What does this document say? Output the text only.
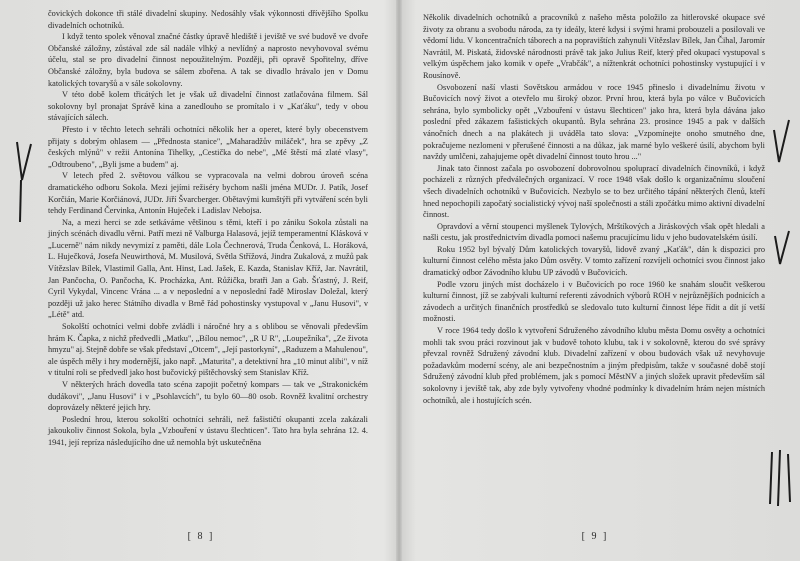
čovických dokonce tři stálé divadelní skupiny. Nedosáhly však výkonnosti dřívějšího Spolku divadelních ochotníků.

I když tento spolek věnoval značné částky úpravě hlediště i jeviště ve své budově ve dvoře Občanské záložny, zůstával zde sál nadále vlhký a nevlídný a naprosto nevyhovoval svému účelu, stal se pro divadelní činnost nepoužitelným. Později, při opravě Spořitelny, dříve Občanské záložny, byla budova se sálem zbořena. A tak se divadlo hrávalo jen v Domu katolických tovaryšů a v sále sokolovny.

V této době kolem třicátých let je však už divadelní činnost zatlačována filmem. Sál sokolovny byl pronajat Správě kina a zanedlouho se promítalo i v „Kaťáku", tedy v obou stávajících sálech.

Přesto i v těchto letech sehráli ochotníci několik her a operet, které byly obecenstvem přijaty s dobrým ohlasem — „Přednosta stanice", „Maharadžův miláček", hra se zpěvy „Z českých mlýnů" v režii Antonína Tihelky, „Cestička do nebe", „Mé štěstí má zlaté vlasy", „Odtroubeno", „Byli jsme a budem" aj.

V letech před 2. světovou válkou se vypracovala na velmi dobrou úroveň scéna dramatického odboru Sokola. Mezi jejími režiséry bychom našli jména MUDr. J. Patík, Josef Korčián, Marie Korčiánová, JUDr. Jiří Švarcberger. Obětavými kumštýři při vytváření scén byli tehdy Ferdinand Červinka, Antonín Huječek i Ladislav Nebojsa.

Na, a mezi herci se zde setkáváme většinou s těmi, kteří i po zániku Sokola zůstali na jiných scénách divadlu věrni. Patří mezi ně Valburga Halasová, jejíž temperamentní Klásková v „Lucerně" nám nikdy nevymizí z paměti, dále Lola Čechnerová, Truda Čenková, L. Horáková, L. Huječková, Josefa Neuwirthová, M. Musilová, Světla Střížová, Jindra Zukalová, z mužů pak Vítězslav Bílek, Vlastimil Galla, Ant. Hinst, Lad. Jašek, E. Kazda, Stanislav Kříž, Jar. Navrátil, Jan Pančocha, O. Pančocha, K. Procházka, Ant. Růžička, bratři Jan a Gab. Šťastný, J. Reif, Cyril Vykydal, Vincenc Vrána ... a v neposlední a v neposlední řadě Miroslav Doležal, který později už jako herec Státního divadla v Brně řád pohostinsky vystupoval v „Janu Husovi", v „Létě" atd.

Sokolští ochotníci velmi dobře zvládli i náročné hry a s oblibou se věnovali především hrám K. Čapka, z nichž předvedli „Matku", „Bílou nemoc", „R U R", „Loupežníka", „Ze života hmyzu" aj. Stejně dobře se však představí „Otcem", „Její pastorkyní", „Raduzem a Mahulenou", ale úspěch měly i hry modernější, jako např. „Maturita", a detektivní hra „10 minut alibi", v níž v titulní roli se předvedl jako host bučovický pištěchovský sem Stanislav Kříž.

V některých hrách dovedla tato scéna zapojit početný kompars — tak ve „Strakonickém dudákovi", „Janu Husovi" i v „Psohlavcích", tu bylo 60—80 osob. Rovněž kvalitní orchestry doprovázely některé jejich hry.

Poslední hrou, kterou sokolští ochotníci sehráli, než fašističtí okupanti zcela zakázali jakoukoliv činnost Sokola, byla „Vzbouření v ústavu šlechticen". Tato hra byla sehrána 12. 4. 1941, její repríza následujícího dne už nemohla být uskutečněna

[ 8 ]

Několik divadelních ochotníků a pracovníků z našeho města položilo za hitlerovské okupace své životy za obranu a svobodu národa, za ty ideály, které kdysi i svými hrami probouzeli a posilovali ve vědomí lidu. V koncentračních táborech a na popravištích zahynuli Vítězslav Bílek, Jan Čihal, Jaromír Navrátil, M. Piskatá, židovské národnosti právě tak jako Julius Reif, který před okupací vystupoval s velkým úspěchem jako komik v opeře „Vrabčák", a nížtenkrát ochotníci pohostinsky vystupující i v Rousínově.

Osvobození naší vlasti Sovětskou armádou v roce 1945 přineslo i divadelnímu životu v Bučovicích nový život a otevřelo mu široký obzor. První hrou, která byla po válce v Bučovicích sehrána, bylo symbolicky opět „Vzbouření v ústavu šlechticen" jako hra, která byla dávána jako poslední před zákazem fašistických okupantů. Byla sehrána 23. prosince 1945 a pak v dalších vánočních dnech a na plakátech ji uváděla tato slova: „Vzpomínejte onoho smutného dne, pokračujeme nezlomeni v přerušené činnosti a na důkaz, jak marné bylo veškeré úsilí, abychom byli navždy umlčeni, zahajujeme opět divadelní činnost touto hrou ..."

Jinak tato činnost začala po osvobození dobrovolnou spoluprací divadelních činovníků, i když pocházeli z různých předválečných organizací. V roce 1948 však došlo k organizačnímu sloučení všech divadelních ochotníků v Bučovicích. Nezbylo se to bez určitého tápání některých členů, kteří hned nepochopili započatý socialistický vývoj naší společnosti a stáli zpočátku mimo aktivní divadelní činnost.

Opravdoví a věrní stoupenci myšlenek Tylových, Mrštíkových a Jiráskových však opět hledali a našli cestu, jak prostřednictvím divadla pomoci našemu pracujícímu lidu v jeho budovatelském úsilí.

Roku 1952 byl bývalý Dům katolických tovaryšů, lidově zvaný „Kaťák", dán k dispozici pro kulturní činnost celého města jako Dům osvěty. V tomto zařízení rozvíjeli ochotníci svou činnost jako dramatický odbor Závodního klubu UP závodů v Bučovicích.

Podle vzoru jiných míst docházelo i v Bučovicích po roce 1960 ke snahám sloučit veškerou kulturní činnost, jíž se zabývali kulturní referenti závodních výborů ROH v nejrůznějších podnicích a závodech a určitých finančních prostředků se sledovalo tuto kulturní činnost lépe řídit a dít jí vetší možnosti.

V roce 1964 tedy došlo k vytvoření Sdruženého závodního klubu města Domu osvěty a ochotníci mohli tak svou práci rozvinout jak v budově tohoto klubu, tak i v sokolovně, kterou do své správy převzal rovněž Sdružený závodní klub. Divadelní zařízení v obou budovách však už nevyhovuje požadavkům moderní scény, ale ani bezpečnostním a jiným předpisům, takže v současné době stojí Sdružený závodní klub před problémem, jak s pomocí MěstNV a jiných složek upravit především sál sokolovny i jeviště tak, aby zde byly vytvořeny vhodné podmínky k divadelním hrám nejen místních ochotníků, ale i hostujících scén.

[ 9 ]
